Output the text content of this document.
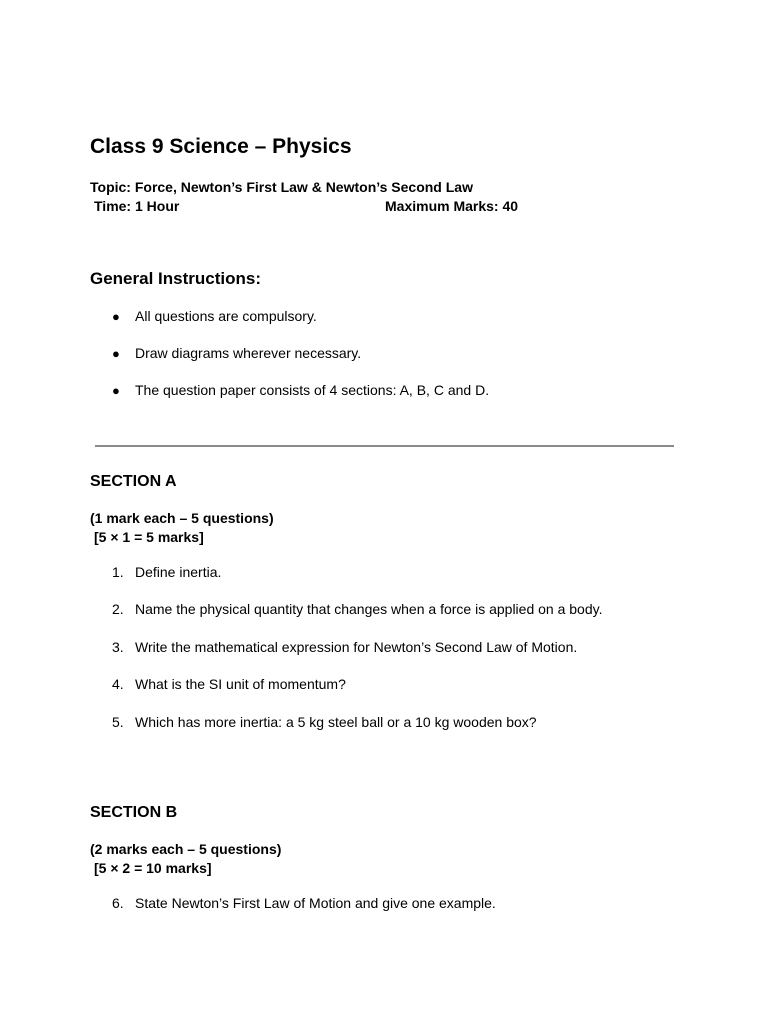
Class 9 Science – Physics
Topic: Force, Newton’s First Law & Newton’s Second Law
Time: 1 Hour	Maximum Marks: 40
General Instructions:
● All questions are compulsory.
● Draw diagrams wherever necessary.
● The question paper consists of 4 sections: A, B, C and D.
SECTION A
(1 mark each – 5 questions)
[5 × 1 = 5 marks]
1. Define inertia.
2. Name the physical quantity that changes when a force is applied on a body.
3. Write the mathematical expression for Newton’s Second Law of Motion.
4. What is the SI unit of momentum?
5. Which has more inertia: a 5 kg steel ball or a 10 kg wooden box?
SECTION B
(2 marks each – 5 questions)
[5 × 2 = 10 marks]
6. State Newton’s First Law of Motion and give one example.
